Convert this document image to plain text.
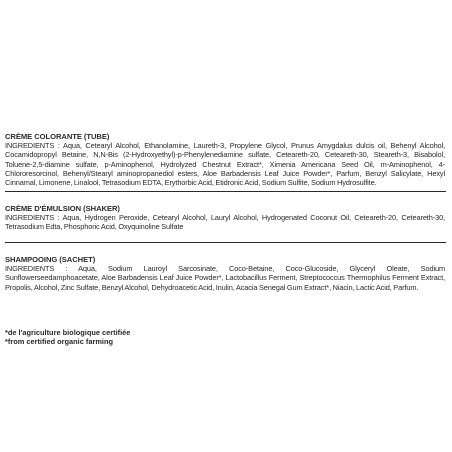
CRÈME COLORANTE (TUBE)

INGREDIENTS : Aqua, Cetearyl Alcohol, Ethanolamine, Laureth-3, Propylene Glycol, Prunus Amygdalus dulcis oil, Behenyl Alcohol, Cocamidopropyl Betaine, N,N-Bis (2-Hydroxyethyl)-p-Phenylenediamine sulfate, Ceteareth-20, Ceteareth-30, Steareth-3, Bisabolol, Toluene-2,5-diamine sulfate, p-Aminophenol, Hydrolyzed Chestnut Extract*, Ximenia Americana Seed Oil, m-Aminophenol, 4-Chlororesorcinol, Behenyl/Stearyl aminopropanediol esters, Aloe Barbadensis Leaf Juice Powder*, Parfum, Benzyl Salicylate, Hexyl Cinnamal, Limonene, Linalool, Tetrasodium EDTA, Erythorbic Acid, Etidronic Acid, Sodium Sulfite, Sodium Hydrosulfite.

CRÈME D'ÉMULSION (SHAKER)

INGREDIENTS : Aqua, Hydrogen Peroxide, Cetearyl Alcohol, Lauryl Alcohol, Hydrogenated Coconut Oil, Ceteareth-20, Ceteareth-30, Tetrasodium Edta, Phosphoric Acid, Oxyquinoline Sulfate

SHAMPOOING (SACHET)

INGREDIENTS : Aqua, Sodium Lauroyl Sarcosinate, Coco-Betaine, Coco-Glucoside, Glyceryl Oleate, Sodium Sunflowerseedamphoacetate, Aloe Barbadensis Leaf Juice Powder*, Lactobacillus Ferment, Streptococcus Thermophilus Ferment Extract, Propolis, Alcohol, Zinc Sulfate, Benzyl Alcohol, Dehydroacetic Acid, Inulin, Acacia Senegal Gum Extract*, Niacin, Lactic Acid, Parfum.

*de l'agriculture biologique certifiée

*from certified organic farming
